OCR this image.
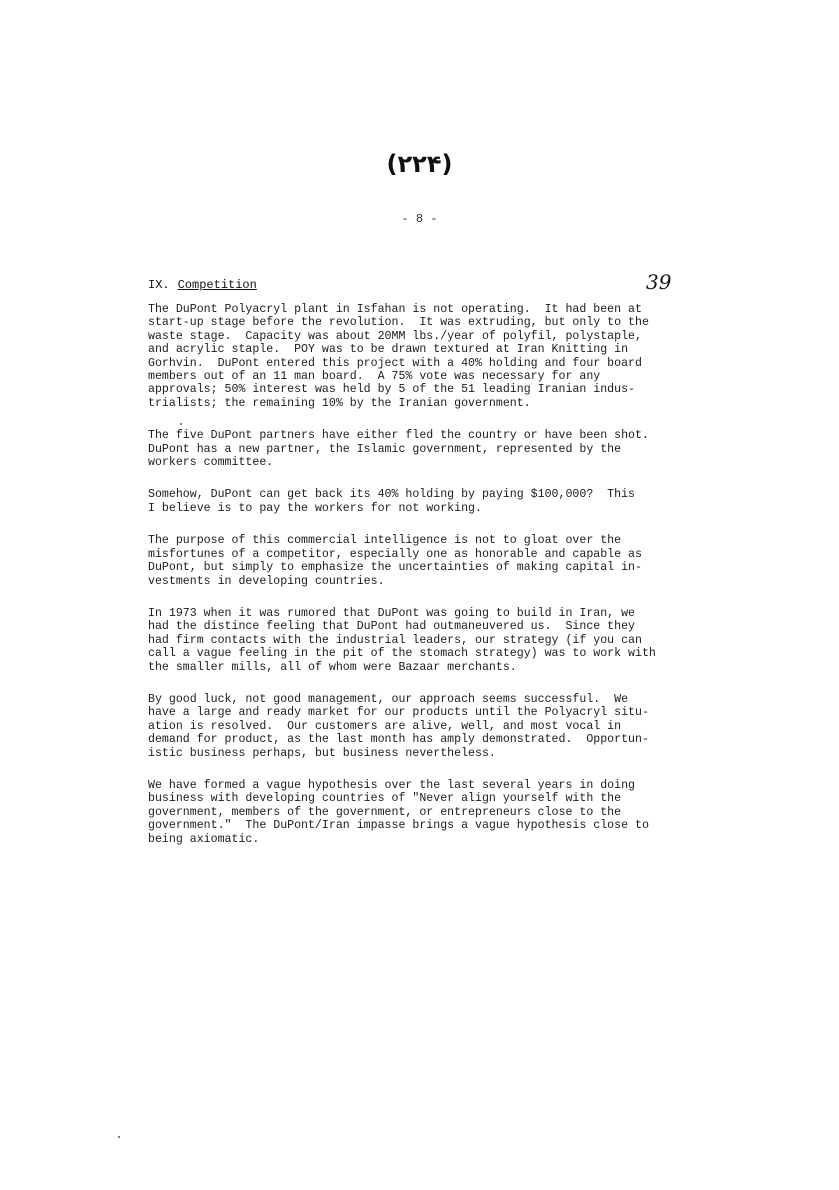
(۲۲۴)
- 8 -
IX. Competition	39
The DuPont Polyacryl plant in Isfahan is not operating.  It had been at
start-up stage before the revolution.  It was extruding, but only to the
waste stage.  Capacity was about 20MM lbs./year of polyfil, polystaple,
and acrylic staple.  POY was to be drawn textured at Iran Knitting in
Gorhvin.  DuPont entered this project with a 40% holding and four board
members out of an 11 man board.  A 75% vote was necessary for any
approvals; 50% interest was held by 5 of the 51 leading Iranian indus-
trialists; the remaining 10% by the Iranian government.
The five DuPont partners have either fled the country or have been shot.
DuPont has a new partner, the Islamic government, represented by the
workers committee.
Somehow, DuPont can get back its 40% holding by paying $100,000?  This
I believe is to pay the workers for not working.
The purpose of this commercial intelligence is not to gloat over the
misfortunes of a competitor, especially one as honorable and capable as
DuPont, but simply to emphasize the uncertainties of making capital in-
vestments in developing countries.
In 1973 when it was rumored that DuPont was going to build in Iran, we
had the distince feeling that DuPont had outmaneuvered us.  Since they
had firm contacts with the industrial leaders, our strategy (if you can
call a vague feeling in the pit of the stomach strategy) was to work with
the smaller mills, all of whom were Bazaar merchants.
By good luck, not good management, our approach seems successful.  We
have a large and ready market for our products until the Polyacryl situ-
ation is resolved.  Our customers are alive, well, and most vocal in
demand for product, as the last month has amply demonstrated.  Opportun-
istic business perhaps, but business nevertheless.
We have formed a vague hypothesis over the last several years in doing
business with developing countries of "Never align yourself with the
government, members of the government, or entrepreneurs close to the
government."  The DuPont/Iran impasse brings a vague hypothesis close to
being axiomatic.
